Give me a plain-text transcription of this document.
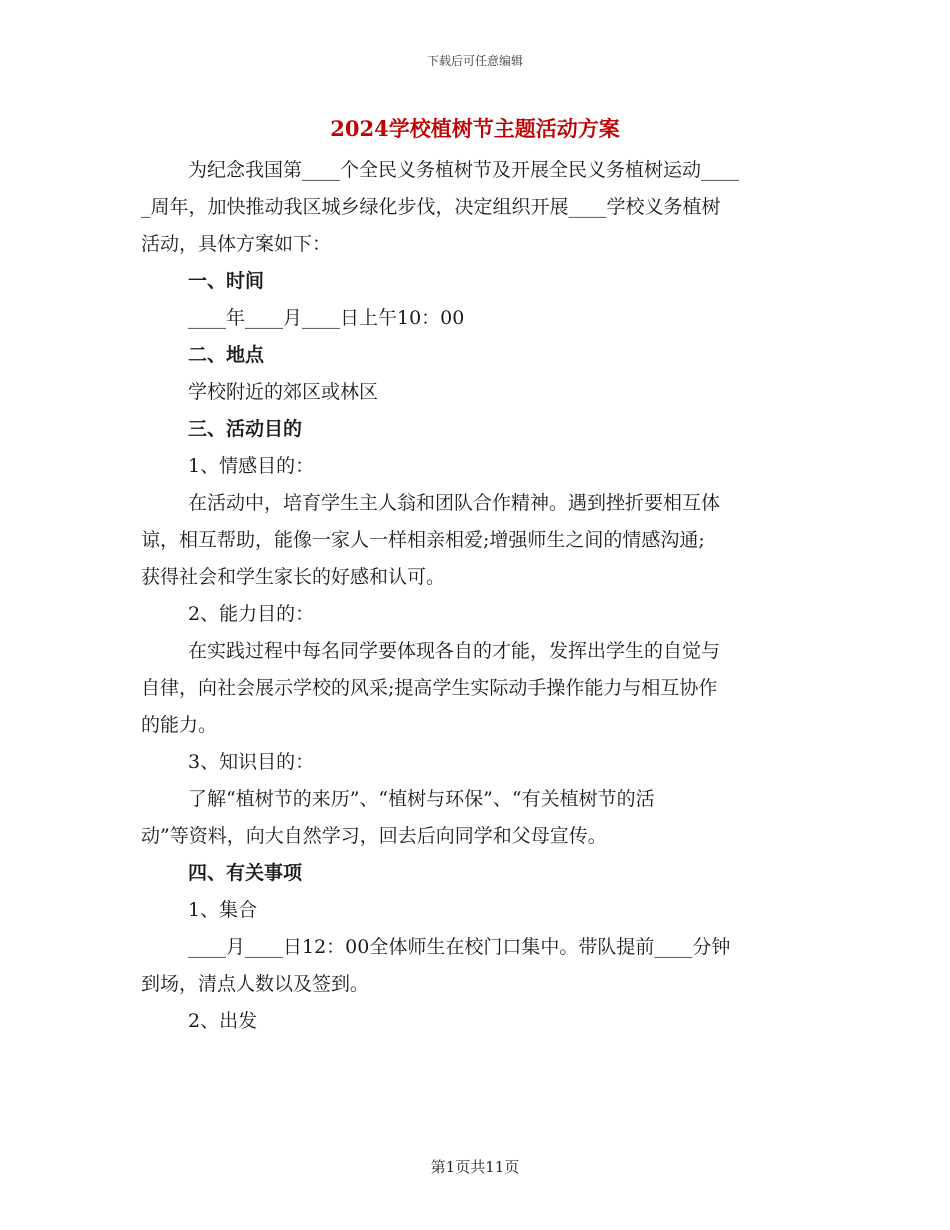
下载后可任意编辑
2024学校植树节主题活动方案
为纪念我国第____个全民义务植树节及开展全民义务植树运动____
_周年，加快推动我区城乡绿化步伐，决定组织开展____学校义务植树
活动，具体方案如下：
一、时间
____年____月____日上午10：00
二、地点
学校附近的郊区或林区
三、活动目的
1、情感目的：
在活动中，培育学生主人翁和团队合作精神。遇到挫折要相互体
谅，相互帮助，能像一家人一样相亲相爱;增强师生之间的情感沟通;
获得社会和学生家长的好感和认可。
2、能力目的：
在实践过程中每名同学要体现各自的才能，发挥出学生的自觉与
自律，向社会展示学校的风采;提高学生实际动手操作能力与相互协作
的能力。
3、知识目的：
了解“植树节的来历”、“植树与环保”、“有关植树节的活
动”等资料，向大自然学习，回去后向同学和父母宣传。
四、有关事项
1、集合
____月____日12：00全体师生在校门口集中。带队提前____分钟
到场，清点人数以及签到。
2、出发
第1页共11页
